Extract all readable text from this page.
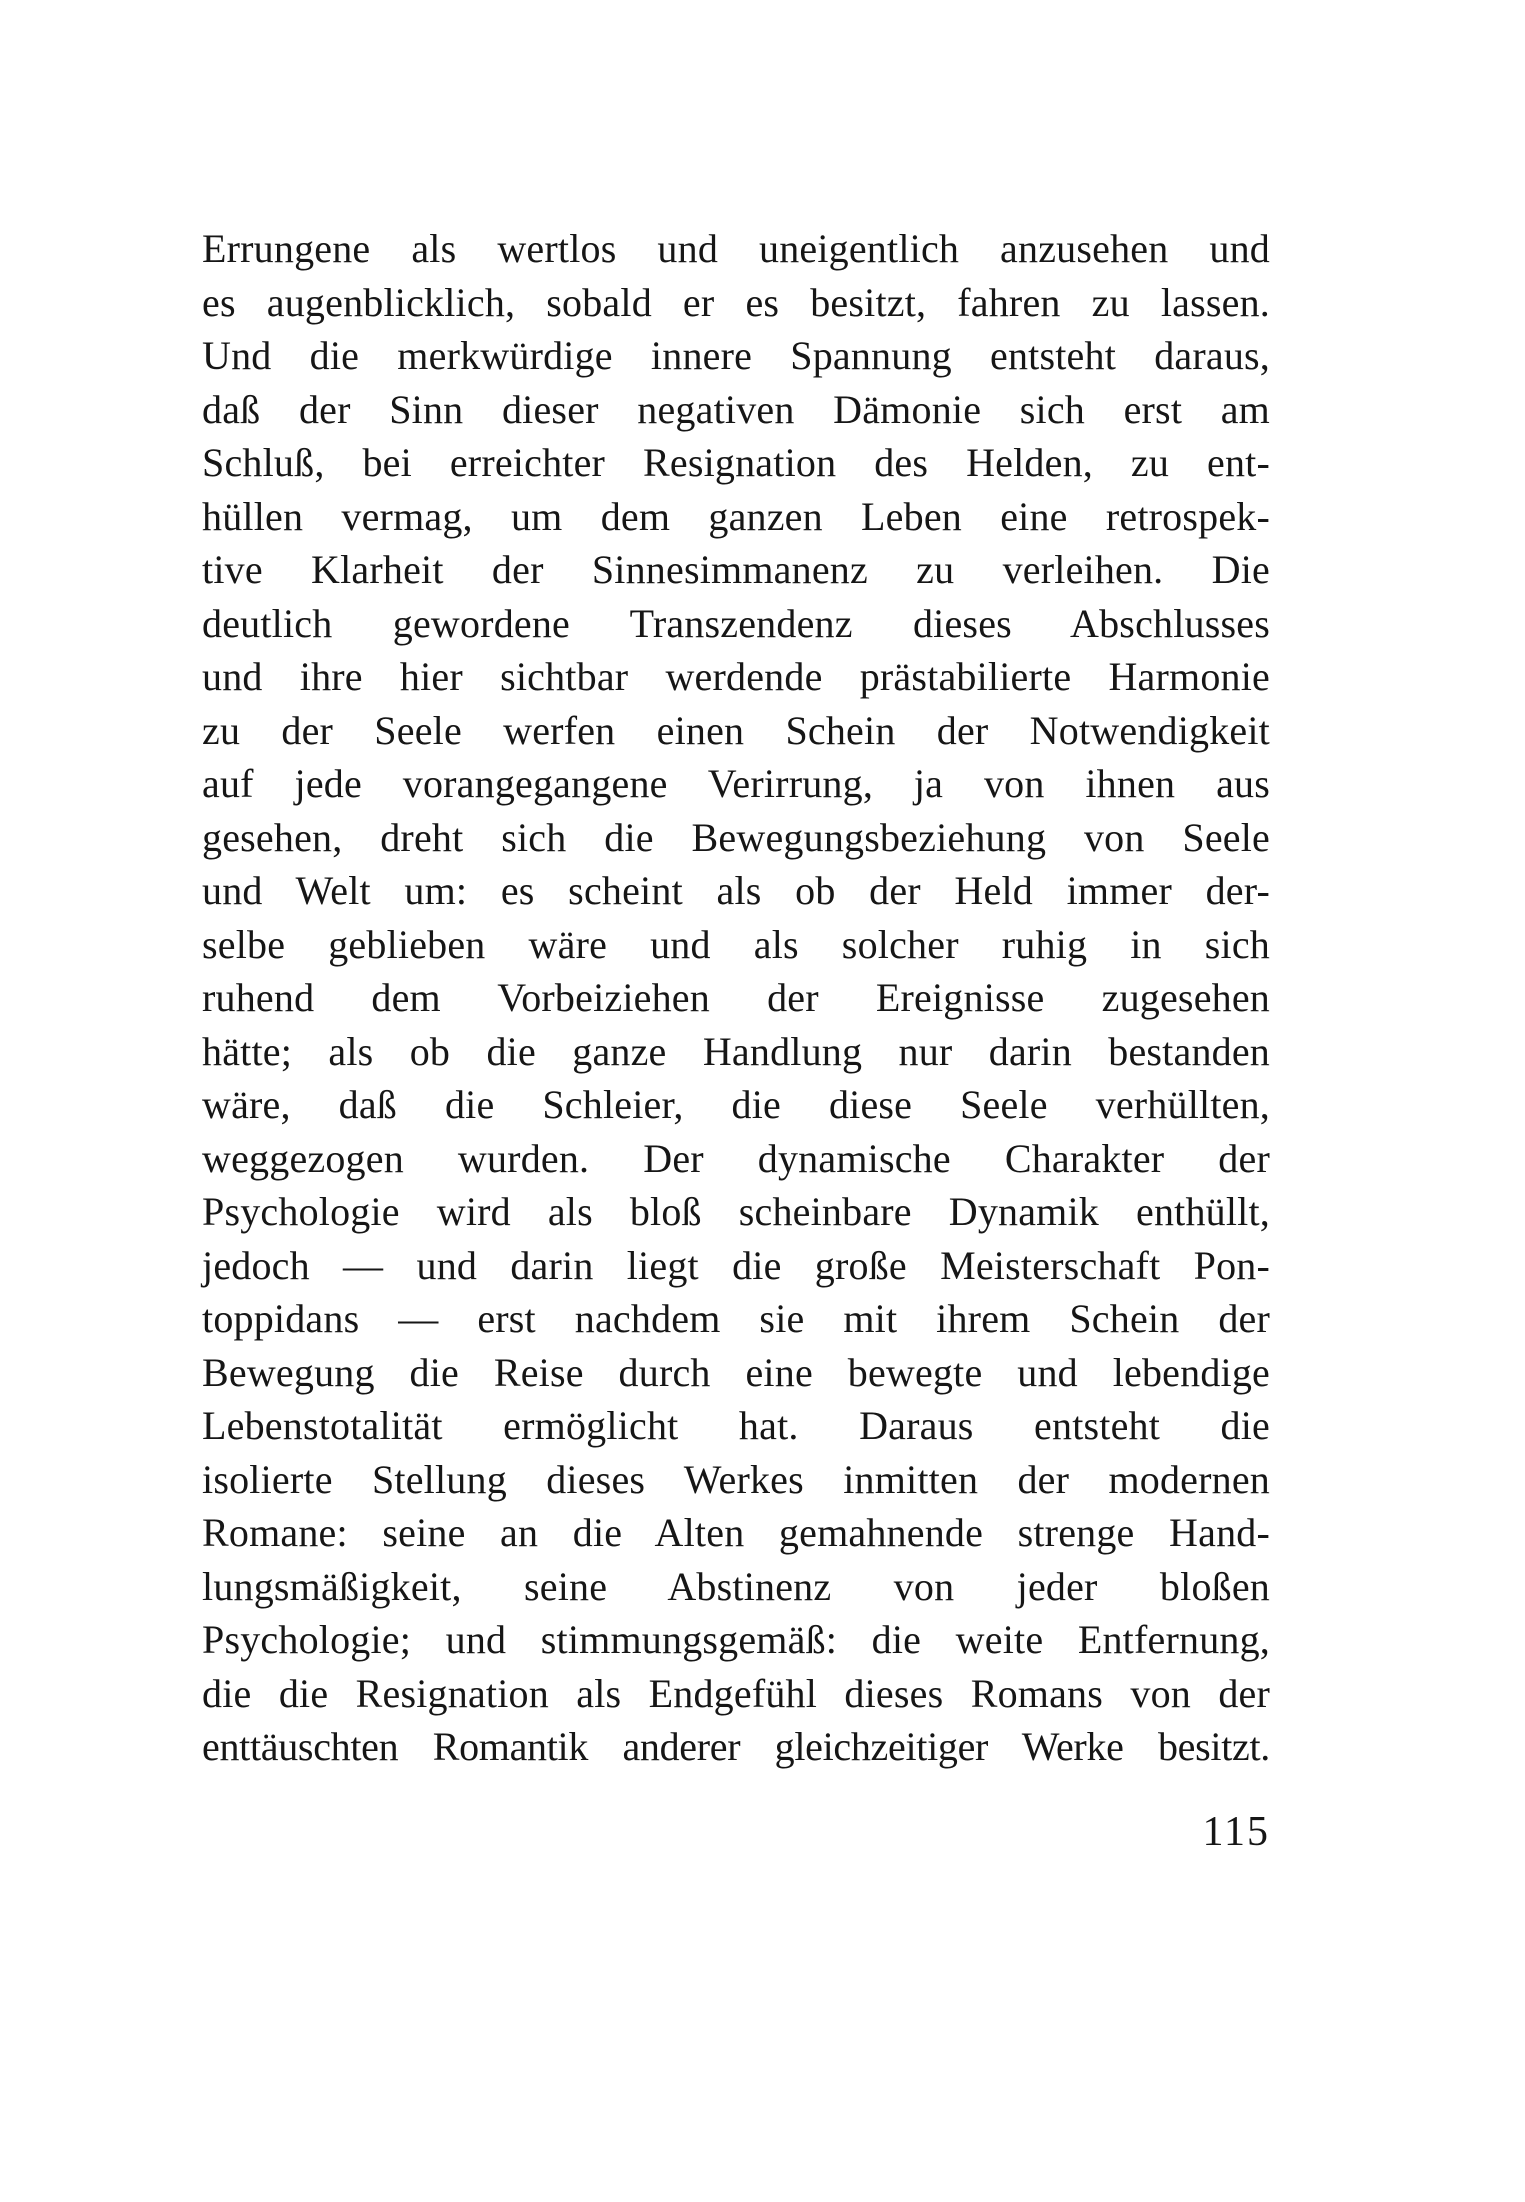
Errungene als wertlos und uneigentlich anzusehen und
es augenblicklich, sobald er es besitzt, fahren zu lassen.
Und die merkwürdige innere Spannung entsteht daraus,
daß der Sinn dieser negativen Dämonie sich erst am
Schluß, bei erreichter Resignation des Helden, zu ent-
hüllen vermag, um dem ganzen Leben eine retrospek-
tive Klarheit der Sinnesimmanenz zu verleihen. Die
deutlich gewordene Transzendenz dieses Abschlusses
und ihre hier sichtbar werdende prästabilierte Harmonie
zu der Seele werfen einen Schein der Notwendigkeit
auf jede vorangegangene Verirrung, ja von ihnen aus
gesehen, dreht sich die Bewegungsbeziehung von Seele
und Welt um: es scheint als ob der Held immer der-
selbe geblieben wäre und als solcher ruhig in sich
ruhend dem Vorbeiziehen der Ereignisse zugesehen
hätte; als ob die ganze Handlung nur darin bestanden
wäre, daß die Schleier, die diese Seele verhüllten,
weggezogen wurden. Der dynamische Charakter der
Psychologie wird als bloß scheinbare Dynamik enthüllt,
jedoch — und darin liegt die große Meisterschaft Pon-
toppidans — erst nachdem sie mit ihrem Schein der
Bewegung die Reise durch eine bewegte und lebendige
Lebenstotalität ermöglicht hat. Daraus entsteht die
isolierte Stellung dieses Werkes inmitten der modernen
Romane: seine an die Alten gemahnende strenge Hand-
lungsmäßigkeit, seine Abstinenz von jeder bloßen
Psychologie; und stimmungsgemäß: die weite Entfernung,
die die Resignation als Endgefühl dieses Romans von der
enttäuschten Romantik anderer gleichzeitiger Werke besitzt.
115
